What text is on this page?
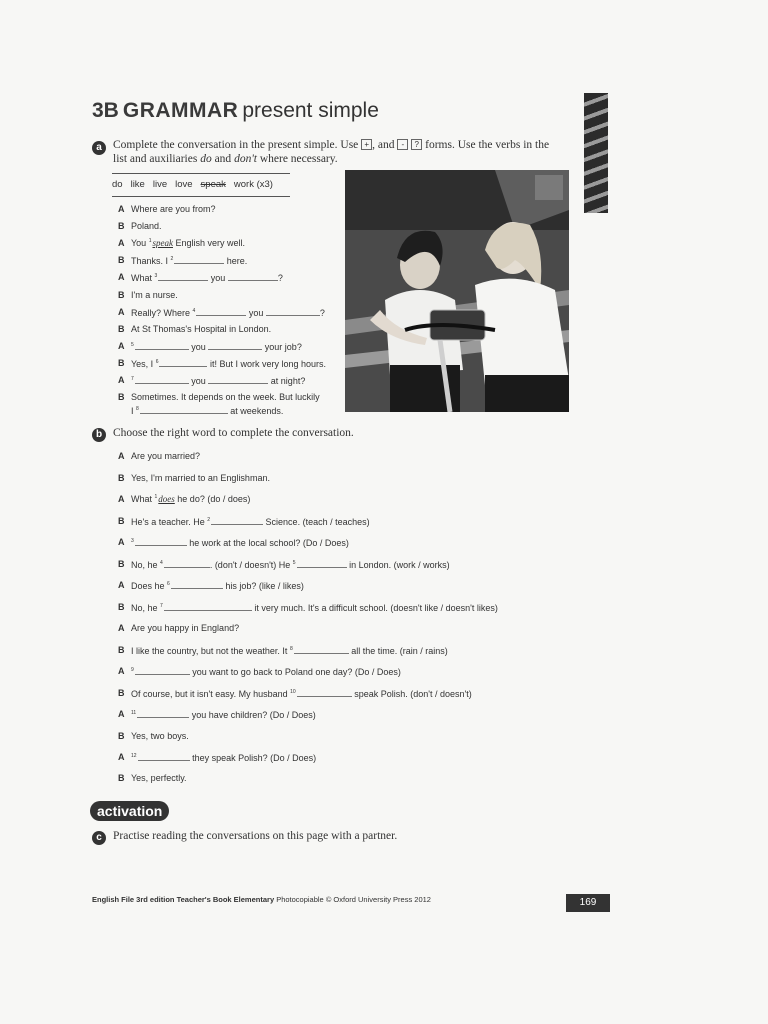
3B GRAMMAR present simple
a Complete the conversation in the present simple. Use + , and - ? forms. Use the verbs in the
list and auxiliaries do and don't where necessary.
do like live love speak work (x3)
A Where are you from?
B Poland.
A You $^1$speak English very well.
B Thanks. I $^2$	here.
A What $^3$	you	?
B I'm a nurse.
A Really? Where $^4$	you	?
B At St Thomas's Hospital in London.
A $^5$	you	your job?
B Yes, I $^6$	it! But I work very long hours.
A $^7$	you	at night?
B Sometimes. It depends on the week. But luckily
I $^8$	at weekends.
b Choose the right word to complete the conversation.
A Are you married?
B Yes, I'm married to an Englishman.
A What $^1$does he do? (do / does)
B He's a teacher. He $^2$	Science. (teach / teaches)
A $^3$	he work at the local school? (Do / Does)
B No, he $^4$	. (don't / doesn't) He $^5$	in London. (work / works)
A Does he $^6$	his job? (like / likes)
B No, he $^7$	it very much. It's a difficult school. (doesn't like / doesn't likes)
A Are you happy in England?
B I like the country, but not the weather. It $^8$	all the time. (rain / rains)
A $^9$	you want to go back to Poland one day? (Do / Does)
B Of course, but it isn't easy. My husband $^{10}$	speak Polish. (don't / doesn't)
A $^{11}$	you have children? (Do / Does)
B Yes, two boys.
A $^{12}$	they speak Polish? (Do / Does)
B Yes, perfectly.
activation
c Practise reading the conversations on this page with a partner.
English File 3rd edition Teacher's Book Elementary Photocopiable © Oxford University Press 2012	169
